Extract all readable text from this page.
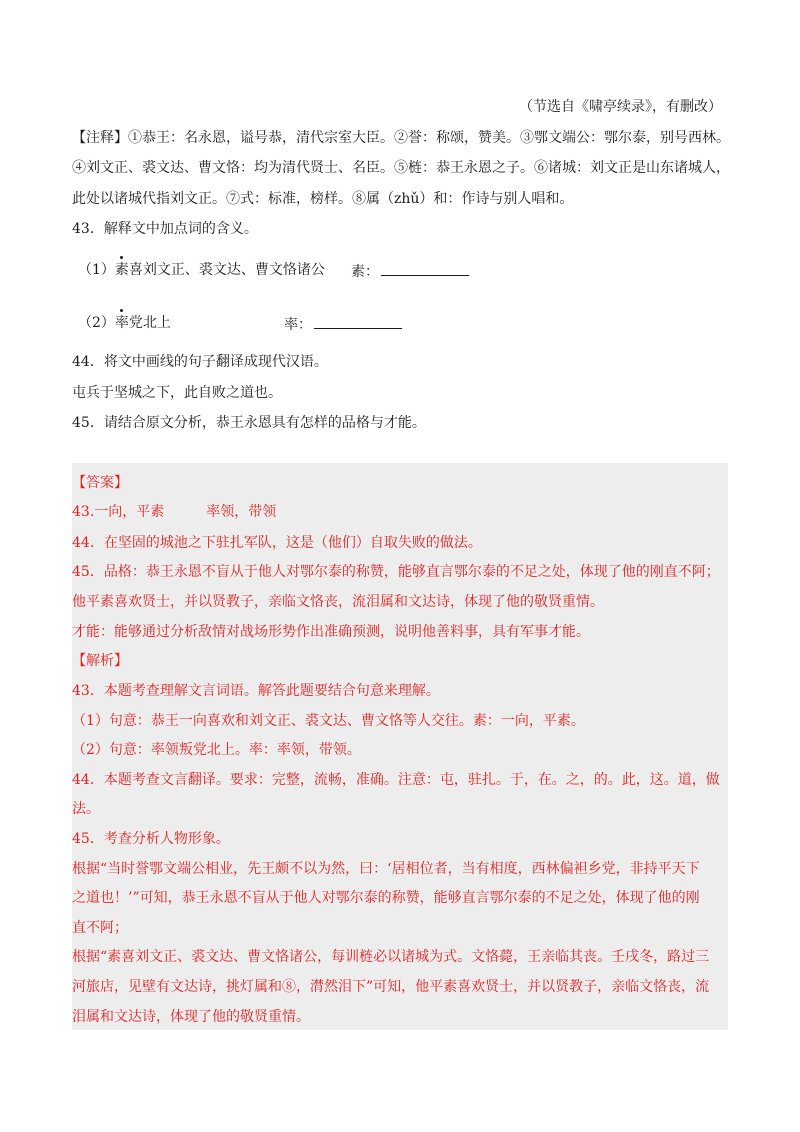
（节选自《啸亭续录》，有删改）
【注释】①恭王：名永恩，谥号恭，清代宗室大臣。②誉：称颂，赞美。③鄂文端公：鄂尔泰，别号西林。
④刘文正、裘文达、曹文恪：均为清代贤士、名臣。⑤梿：恭王永恩之子。⑥诸城：刘文正是山东诸城人，
此处以诸城代指刘文正。⑦式：标准，榜样。⑧属（zhǔ）和：作诗与别人唱和。
43．解释文中加点词的含义。
（1）素喜刘文正、裘文达、曹文恪诸公 素：
（2）率党北上	率：
44．将文中画线的句子翻译成现代汉语。
屯兵于坚城之下，此自败之道也。
45．请结合原文分析，恭王永恩具有怎样的品格与才能。
【答案】
43.一向，平素　　　率领，带领
44．在坚固的城池之下驻扎军队，这是（他们）自取失败的做法。
45．品格：恭王永恩不盲从于他人对鄂尔泰的称赞，能够直言鄂尔泰的不足之处，体现了他的刚直不阿；
他平素喜欢贤士，并以贤教子，亲临文恪丧，流泪属和文达诗，体现了他的敬贤重情。
才能：能够通过分析敌情对战场形势作出准确预测，说明他善料事，具有军事才能。
【解析】
43．本题考查理解文言词语。解答此题要结合句意来理解。
（1）句意：恭王一向喜欢和刘文正、裘文达、曹文恪等人交往。素：一向，平素。
（2）句意：率领叛党北上。率：率领，带领。
44．本题考查文言翻译。要求：完整，流畅，准确。注意：屯，驻扎。于，在。之，的。此，这。道，做
法。
45．考查分析人物形象。
根据“当时誉鄂文端公相业，先王颇不以为然，曰：‘居相位者，当有相度，西林偏袒乡党，非持平天下
之道也！’”可知，恭王永恩不盲从于他人对鄂尔泰的称赞，能够直言鄂尔泰的不足之处，体现了他的刚
直不阿；
根据“素喜刘文正、裘文达、曹文恪诸公，每训梿必以诸城为式。文恪薨，王亲临其丧。壬戌冬，路过三
河旅店，见壁有文达诗，挑灯属和⑧，潸然泪下”可知，他平素喜欢贤士，并以贤教子，亲临文恪丧，流
泪属和文达诗，体现了他的敬贤重情。
